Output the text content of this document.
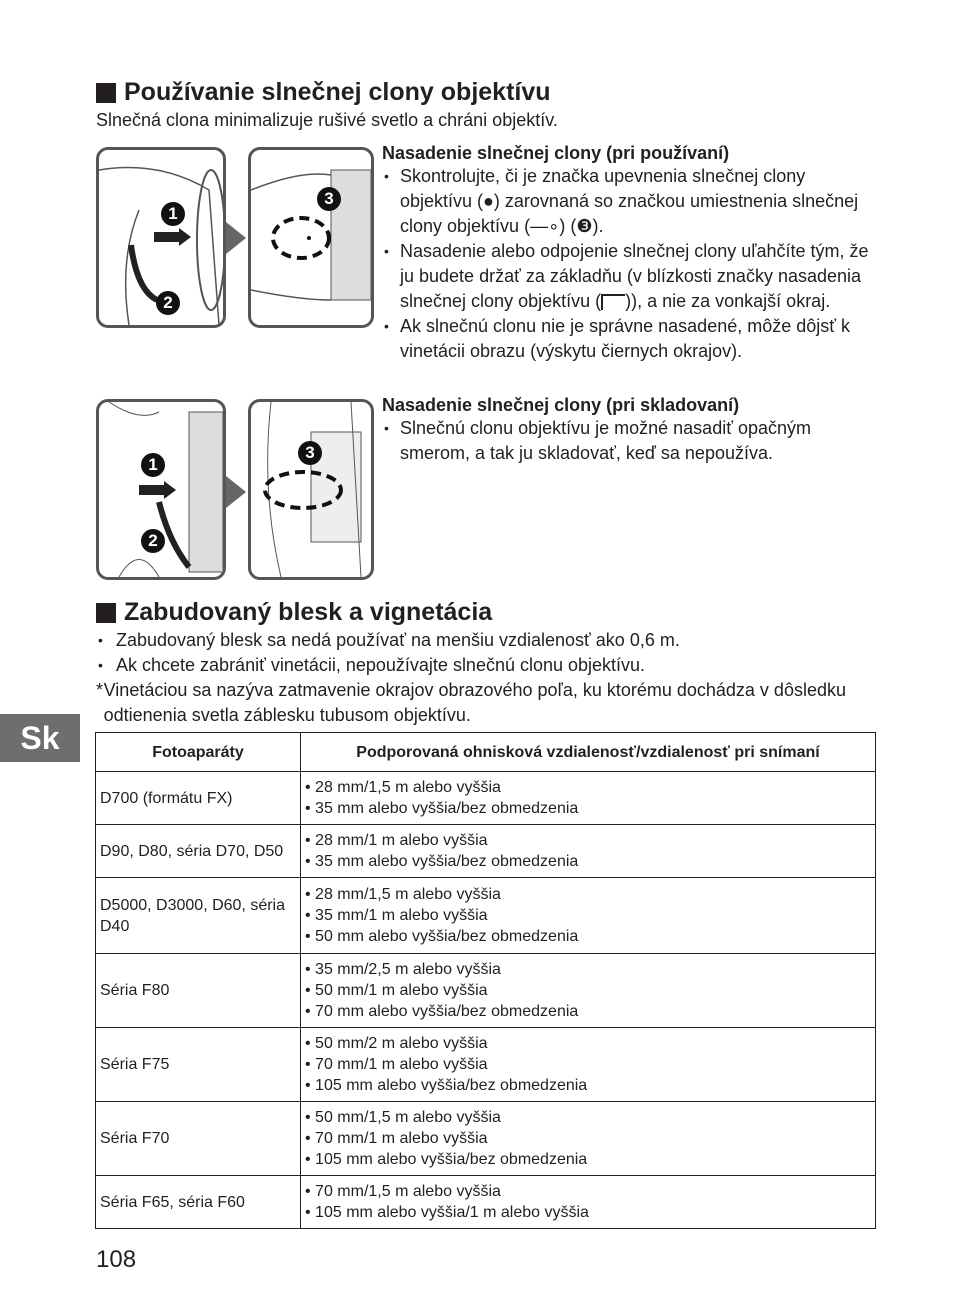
Používanie slnečnej clony objektívu
Slnečná clona minimalizuje rušivé svetlo a chráni objektív.
1
2
3
Nasadenie slnečnej clony (pri používaní)
• Skontrolujte, či je značka upevnenia slnečnej clony objektívu (●) zarovnaná so značkou umiestnenia slnečnej clony objektívu (—∘) (❸).
• Nasadenie alebo odpojenie slnečnej clony uľahčíte tým, že ju budete držať za základňu (v blízkosti značky nasadenia slnečnej clony objektívu ( )), a nie za vonkajší okraj.
• Ak slnečnú clonu nie je správne nasadené, môže dôjsť k vinetácii obrazu (výskytu čiernych okrajov).
1
2
3
Nasadenie slnečnej clony (pri skladovaní)
• Slnečnú clonu objektívu je možné nasadiť opačným smerom, a tak ju skladovať, keď sa nepoužíva.
Zabudovaný blesk a vignetácia
• Zabudovaný blesk sa nedá používať na menšiu vzdialenosť ako 0,6 m.
• Ak chcete zabrániť vinetácii, nepoužívajte slnečnú clonu objektívu.
* Vinetáciou sa nazýva zatmavenie okrajov obrazového poľa, ku ktorému dochádza v dôsledku odtienenia svetla záblesku tubusom objektívu.
Sk	Fotoaparáty	Podporovaná ohnisková vzdialenosť/vzdialenosť pri snímaní
D700 (formátu FX)	• 28 mm/1,5 m alebo vyššia
• 35 mm alebo vyššia/bez obmedzenia

D90, D80, séria D70, D50	• 28 mm/1 m alebo vyššia
• 35 mm alebo vyššia/bez obmedzenia

D5000, D3000, D60, séria D40	• 28 mm/1,5 m alebo vyššia
• 35 mm/1 m alebo vyššia
• 50 mm alebo vyššia/bez obmedzenia

Séria F80	• 35 mm/2,5 m alebo vyššia
• 50 mm/1 m alebo vyššia
• 70 mm alebo vyššia/bez obmedzenia

Séria F75	• 50 mm/2 m alebo vyššia
• 70 mm/1 m alebo vyššia
• 105 mm alebo vyššia/bez obmedzenia

Séria F70	• 50 mm/1,5 m alebo vyššia
• 70 mm/1 m alebo vyššia
• 105 mm alebo vyššia/bez obmedzenia

Séria F65, séria F60	• 70 mm/1,5 m alebo vyššia
• 105 mm alebo vyššia/1 m alebo vyššia
108
